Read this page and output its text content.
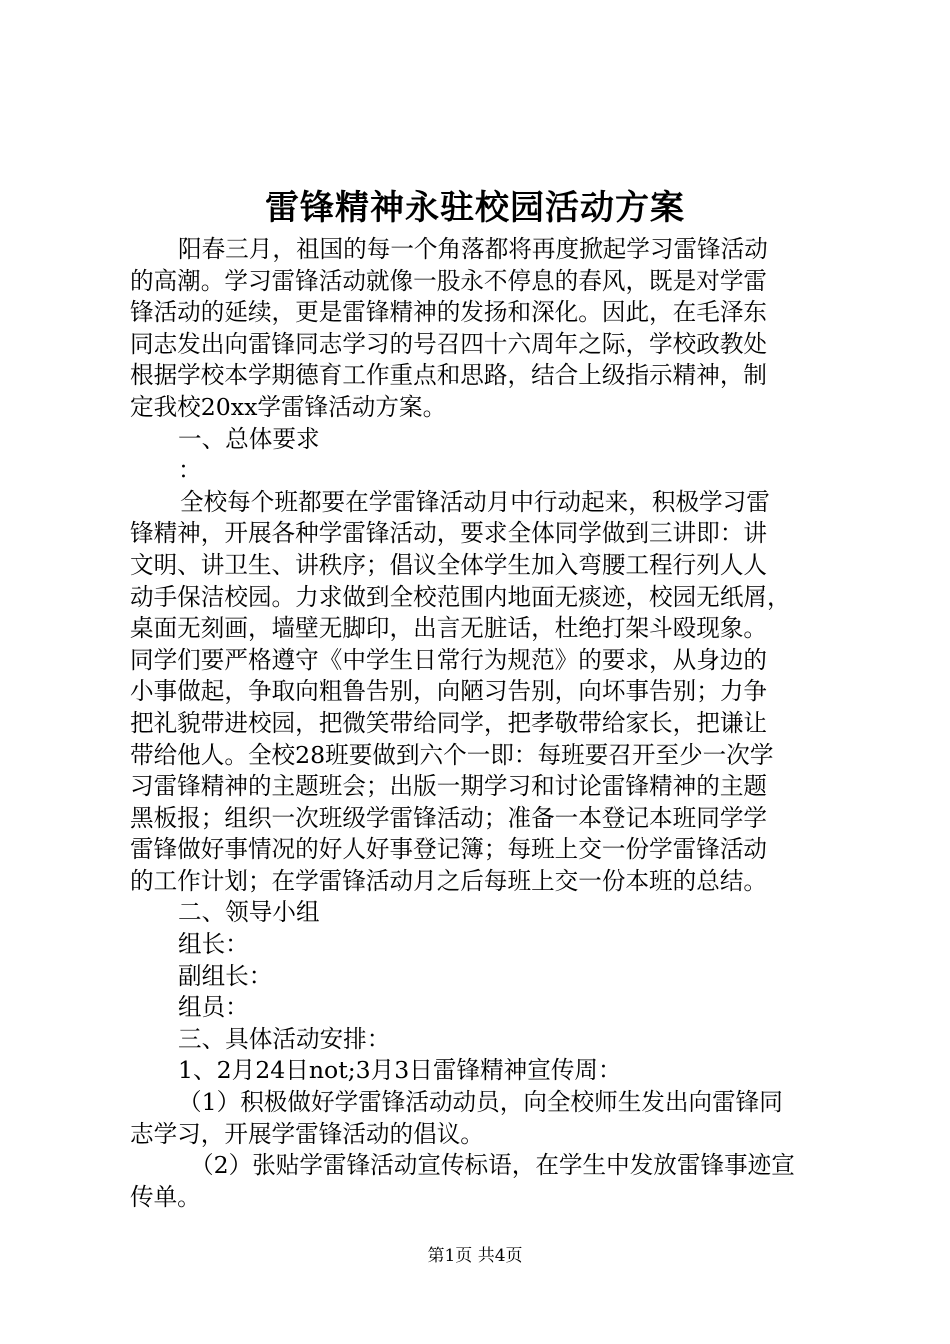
雷锋精神永驻校园活动方案
阳春三月，祖国的每一个角落都将再度掀起学习雷锋活动
的高潮。学习雷锋活动就像一股永不停息的春风，既是对学雷
锋活动的延续，更是雷锋精神的发扬和深化。因此，在毛泽东
同志发出向雷锋同志学习的号召四十六周年之际，学校政教处
根据学校本学期德育工作重点和思路，结合上级指示精神，制
定我校20xx学雷锋活动方案。
一、总体要求
：
全校每个班都要在学雷锋活动月中行动起来，积极学习雷
锋精神，开展各种学雷锋活动，要求全体同学做到三讲即：讲
文明、讲卫生、讲秩序；倡议全体学生加入弯腰工程行列人人
动手保洁校园。力求做到全校范围内地面无痰迹，校园无纸屑，
桌面无刻画，墙壁无脚印，出言无脏话，杜绝打架斗殴现象。
同学们要严格遵守《中学生日常行为规范》的要求，从身边的
小事做起，争取向粗鲁告别，向陋习告别，向坏事告别；力争
把礼貌带进校园，把微笑带给同学，把孝敬带给家长，把谦让
带给他人。全校28班要做到六个一即：每班要召开至少一次学
习雷锋精神的主题班会；出版一期学习和讨论雷锋精神的主题
黑板报；组织一次班级学雷锋活动；准备一本登记本班同学学
雷锋做好事情况的好人好事登记簿；每班上交一份学雷锋活动
的工作计划；在学雷锋活动月之后每班上交一份本班的总结。
二、领导小组
组长：
副组长：
组员：
三、具体活动安排：
1、2月24日not;3月3日雷锋精神宣传周：
（1）积极做好学雷锋活动动员，向全校师生发出向雷锋同
志学习，开展学雷锋活动的倡议。
（2）张贴学雷锋活动宣传标语，在学生中发放雷锋事迹宣
传单。
第1页 共4页
